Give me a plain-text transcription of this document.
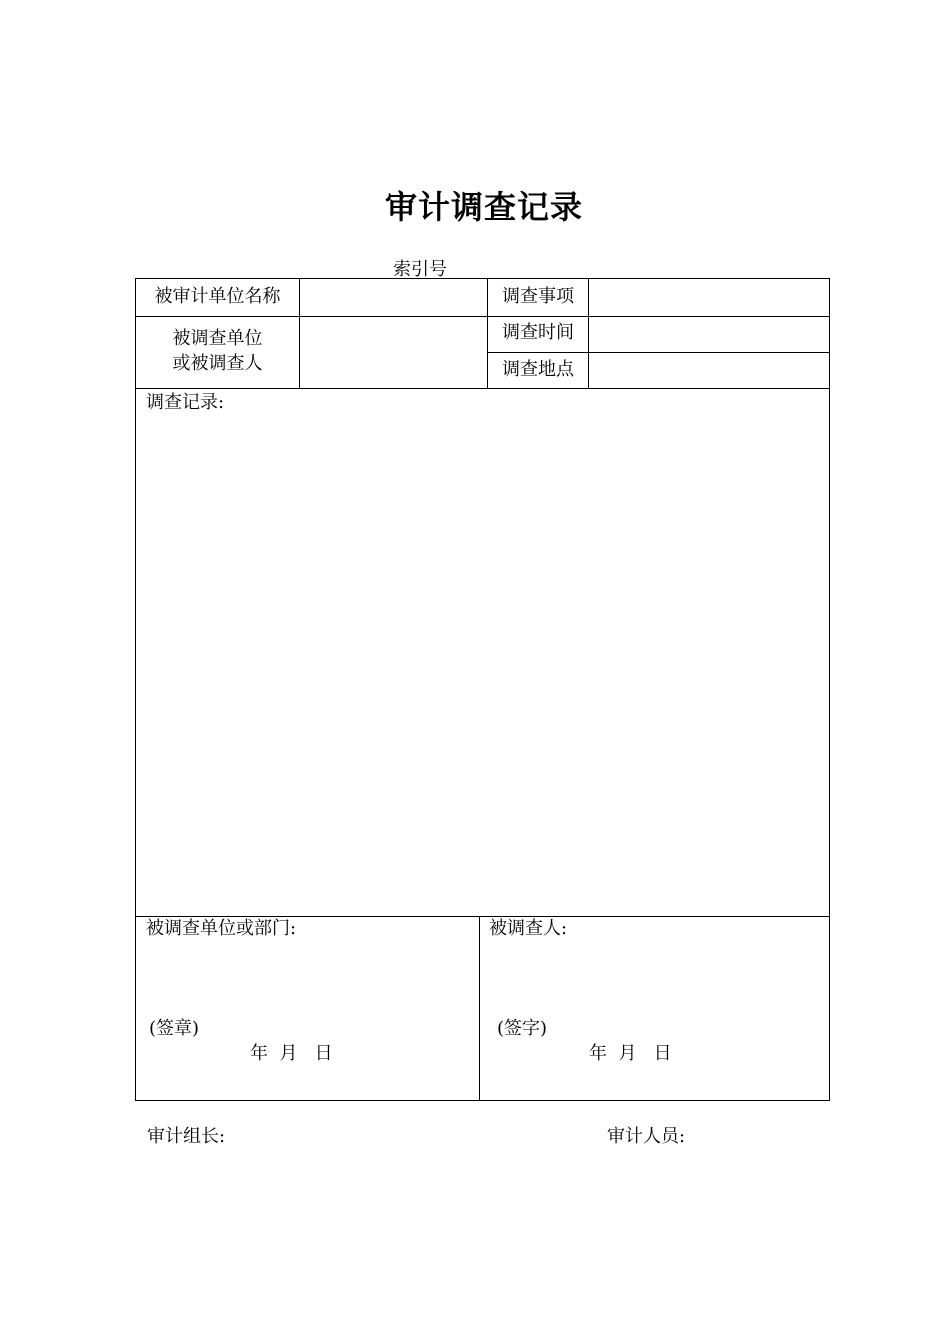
审计调查记录
索引号
被审计单位名称
被调查单位
或被调查人
调查事项
调查时间
调查地点
调查记录:
被调查单位或部门:
(签章)
年  月   日
被调查人:
(签字)
年  月   日
审计组长:	审计人员:
